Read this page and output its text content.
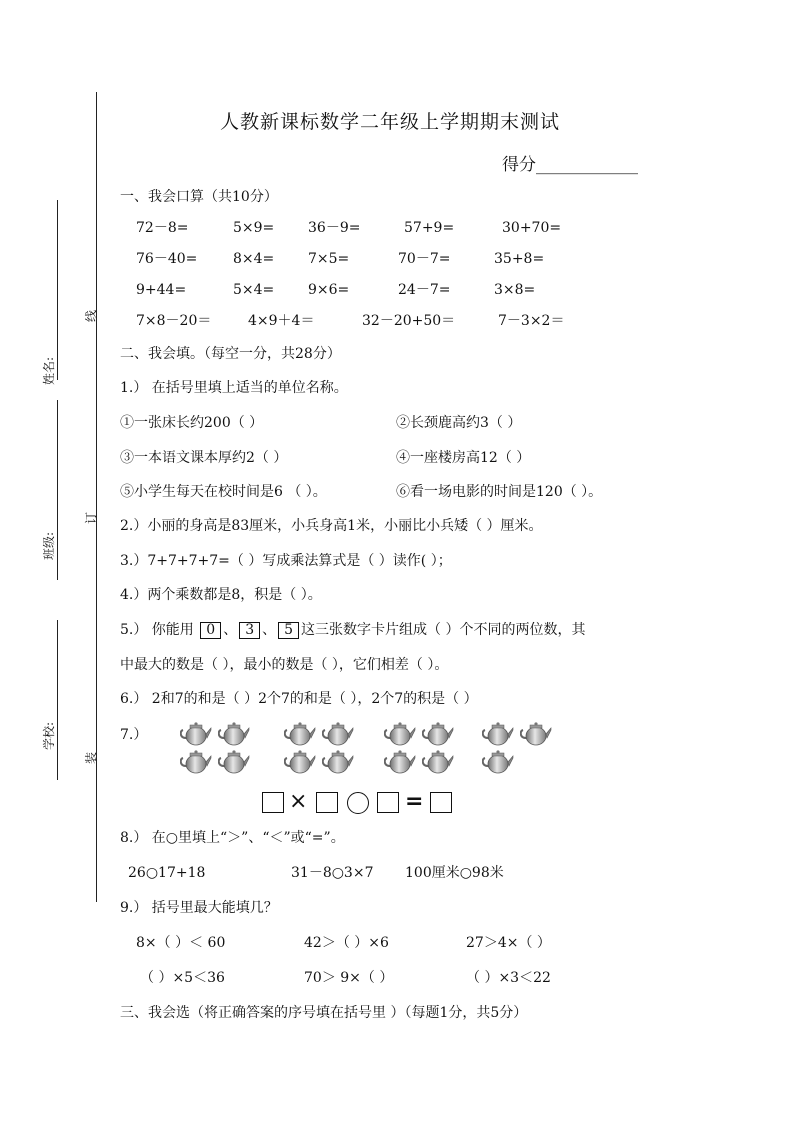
姓名:
班级:
学校:
线
订
装
人教新课标数学二年级上学期期末测试
得分____________
一、我会口算（共10分）
72－8=	5×9= 36－9=	57+9=	30+70=
76－40=	8×4= 7×5=	70－7=	35+8=
9+44=	5×4= 9×6=	24－7=	3×8=
7×8－20＝	4×9＋4＝	32－20+50＝	7－3×2＝
二、我会填。（每空一分，共28分）
1.） 在括号里填上适当的单位名称。
①一张床长约200（ ）	②长颈鹿高约3（ ）
③一本语文课本厚约2（ ）	④一座楼房高12（ ）
⑤小学生每天在校时间是6 （ ）。	⑥看一场电影的时间是120（ ）。
2.）小丽的身高是83厘米，小兵身高1米，小丽比小兵矮（ ）厘米。
3.）7+7+7+7=（ ）写成乘法算式是（ ）读作( ）；
4.）两个乘数都是8，积是（ ）。
5.） 你能用 0 、 3 、 5 这三张数字卡片组成（ ）个不同的两位数，其
中最大的数是（ ），最小的数是（ ），它们相差（ ）。
6.） 2和7的和是（ ）2个7的和是（ ），2个7的积是（ ）
7.）
×	=
8.） 在○里填上“＞”、“＜”或“=”。
26○17+18	31－8○3×7 100厘米○98米
9.） 括号里最大能填几？
8×（ ）＜ 60	42＞（ ）×6	27＞4×（ ）
（ ）×5＜36	70＞ 9×（ ）	（ ）×3＜22
三、我会选（将正确答案的序号填在括号里 ）（每题1分，共5分）
